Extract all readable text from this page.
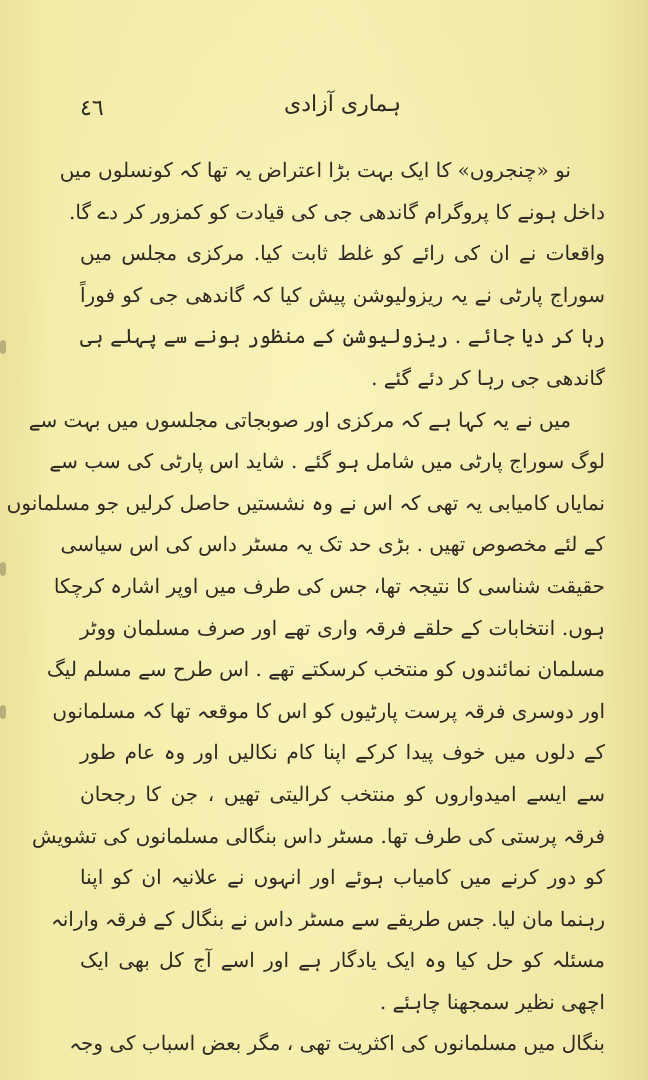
٤٦	ہماری آزادی
نو «چنجروں» کا ایک بہت بڑا اعتراض یہ تھا کہ کونسلوں میں
داخل ہونے کا پروگرام گاندھی جی کی قیادت کو کمزور کر دے گا.
واقعات نے ان کی رائے کو غلط ثابت کیا. مرکزی مجلس میں
سوراج پارٹی نے یہ ریزولیوشن پیش کیا کہ گاندھی جی کو فوراً
رہا کر دیا جائے . ریزولیوشن کے منظور ہونے سے پہلے ہی
گاندھی جی رہا کر دئے گئے .
میں نے یہ کہا ہے کہ مرکزی اور صوبجاتی مجلسوں میں بہت سے
لوگ سوراج پارٹی میں شامل ہو گئے . شاید اس پارٹی کی سب سے
نمایاں کامیابی یہ تھی کہ اس نے وہ نشستیں حاصل کرلیں جو مسلمانوں
کے لئے مخصوص تھیں . بڑی حد تک یہ مسٹر داس کی اس سیاسی
حقیقت شناسی کا نتیجہ تھا، جس کی طرف میں اوپر اشارہ کرچکا
ہوں. انتخابات کے حلقے فرقہ واری تھے اور صرف مسلمان ووٹر
مسلمان نمائندوں کو منتخب کرسکتے تھے . اس طرح سے مسلم لیگ
اور دوسری فرقہ پرست پارٹیوں کو اس کا موقعہ تھا کہ مسلمانوں
کے دلوں میں خوف پیدا کرکے اپنا کام نکالیں اور وہ عام طور
سے ایسے امیدواروں کو منتخب کرالیتی تھیں ، جن کا رجحان
فرقہ پرستی کی طرف تھا. مسٹر داس بنگالی مسلمانوں کی تشویش
کو دور کرنے میں کامیاب ہوئے اور انہوں نے علانیہ ان کو اپنا
رہنما مان لیا. جس طریقے سے مسٹر داس نے بنگال کے فرقہ وارانہ
مسئلہ کو حل کیا وہ ایک یادگار ہے اور اسے آج کل بھی ایک
اچھی نظیر سمجھنا چاہئے .
بنگال میں مسلمانوں کی اکثریت تھی ، مگر بعض اسباب کی وجہ
